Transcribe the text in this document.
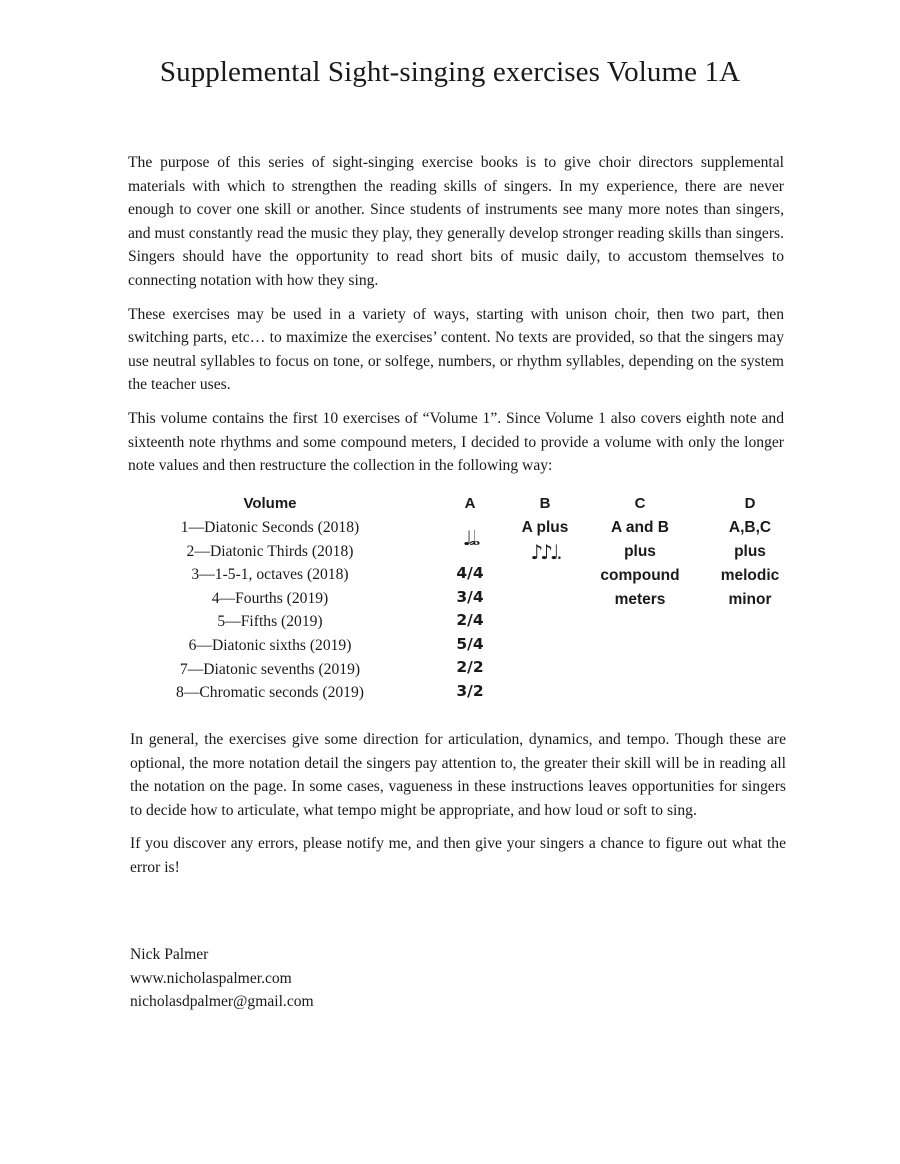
Supplemental Sight-singing exercises Volume 1A

The purpose of this series of sight-singing exercise books is to give choir directors supplemental materials with which to strengthen the reading skills of singers. In my experience, there are never enough to cover one skill or another. Since students of instruments see many more notes than singers, and must constantly read the music they play, they generally develop stronger reading skills than singers. Singers should have the opportunity to read short bits of music daily, to accustom themselves to connecting notation with how they sing.

These exercises may be used in a variety of ways, starting with unison choir, then two part, then switching parts, etc… to maximize the exercises’ content. No texts are provided, so that the singers may use neutral syllables to focus on tone, or solfege, numbers, or rhythm syllables, depending on the system the teacher uses.

This volume contains the first 10 exercises of “Volume 1”. Since Volume 1 also covers eighth note and sixteenth note rhythms and some compound meters, I decided to provide a volume with only the longer note values and then restructure the collection in the following way:

Volume
1—Diatonic Seconds (2018)
2—Diatonic Thirds (2018)
3—1-5-1, octaves (2018)
4—Fourths (2019)
5—Fifths (2019)
6—Diatonic sixths (2019)
7—Diatonic sevenths (2019)
8—Chromatic seconds (2019)
A
♩𝅗𝅥𝅝
4/4
3/4
2/4
5/4
2/2
3/2
B
A plus
♪♪♩.
C
A and B
plus
compound
meters
D
A,B,C
plus
melodic
minor

In general, the exercises give some direction for articulation, dynamics, and tempo. Though these are optional, the more notation detail the singers pay attention to, the greater their skill will be in reading all the notation on the page. In some cases, vagueness in these instructions leaves opportunities for singers to decide how to articulate, what tempo might be appropriate, and how loud or soft to sing.

If you discover any errors, please notify me, and then give your singers a chance to figure out what the error is!

Nick Palmer
www.nicholaspalmer.com
nicholasdpalmer@gmail.com
